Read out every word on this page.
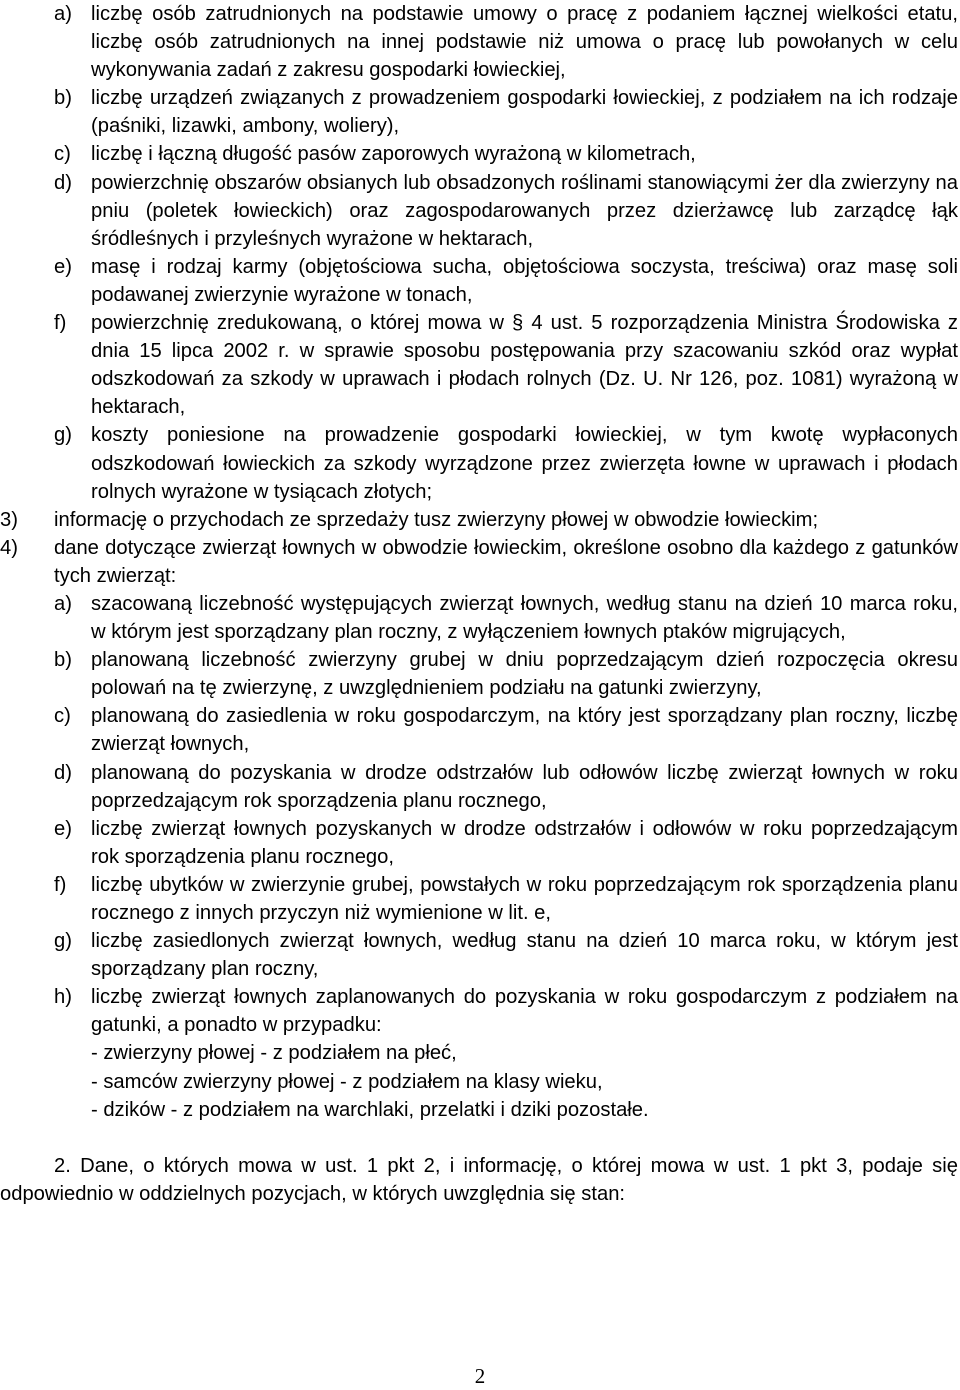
a) liczbę osób zatrudnionych na podstawie umowy o pracę z podaniem łącznej wielkości etatu, liczbę osób zatrudnionych na innej podstawie niż umowa o pracę lub powołanych w celu wykonywania zadań z zakresu gospodarki łowieckiej,
b) liczbę urządzeń związanych z prowadzeniem gospodarki łowieckiej, z podziałem na ich rodzaje (paśniki, lizawki, ambony, woliery),
c) liczbę i łączną długość pasów zaporowych wyrażoną w kilometrach,
d) powierzchnię obszarów obsianych lub obsadzonych roślinami stanowiącymi żer dla zwierzyny na pniu (poletek łowieckich) oraz zagospodarowanych przez dzierżawcę lub zarządcę łąk śródleśnych i przyleśnych wyrażone w hektarach,
e) masę i rodzaj karmy (objętościowa sucha, objętościowa soczysta, treściwa) oraz masę soli podawanej zwierzynie wyrażone w tonach,
f)	powierzchnię zredukowaną, o której mowa w § 4 ust. 5 rozporządzenia Ministra Środowiska z dnia 15 lipca 2002 r. w sprawie sposobu postępowania przy szacowaniu szkód oraz wypłat odszkodowań za szkody w uprawach i płodach rolnych (Dz. U. Nr 126, poz. 1081) wyrażoną w hektarach,
g) koszty poniesione na prowadzenie gospodarki łowieckiej, w tym kwotę wypłaconych odszkodowań łowieckich za szkody wyrządzone przez zwierzęta łowne w uprawach i płodach rolnych wyrażone w tysiącach złotych;
3)	informację o przychodach ze sprzedaży tusz zwierzyny płowej w obwodzie łowieckim;
4)	dane dotyczące zwierząt łownych w obwodzie łowieckim, określone osobno dla każdego z gatunków tych zwierząt:
a) szacowaną liczebność występujących zwierząt łownych, według stanu na dzień 10 marca roku, w którym jest sporządzany plan roczny, z wyłączeniem łownych ptaków migrujących,
b) planowaną liczebność zwierzyny grubej w dniu poprzedzającym dzień rozpoczęcia okresu polowań na tę zwierzynę, z uwzględnieniem podziału na gatunki zwierzyny,
c) planowaną do zasiedlenia w roku gospodarczym, na który jest sporządzany plan roczny, liczbę zwierząt łownych,
d) planowaną do pozyskania w drodze odstrzałów lub odłowów liczbę zwierząt łownych w roku poprzedzającym rok sporządzenia planu rocznego,
e) liczbę zwierząt łownych pozyskanych w drodze odstrzałów i odłowów w roku poprzedzającym rok sporządzenia planu rocznego,
f)	liczbę ubytków w zwierzynie grubej, powstałych w roku poprzedzającym rok sporządzenia planu rocznego z innych przyczyn niż wymienione w lit. e,
g) liczbę zasiedlonych zwierząt łownych, według stanu na dzień 10 marca roku, w którym jest sporządzany plan roczny,
h) liczbę zwierząt łownych zaplanowanych do pozyskania w roku gospodarczym z podziałem na gatunki, a ponadto w przypadku:
- zwierzyny płowej - z podziałem na płeć,
- samców zwierzyny płowej - z podziałem na klasy wieku,
- dzików - z podziałem na warchlaki, przelatki i dziki pozostałe.
2. Dane, o których mowa w ust. 1 pkt 2, i informację, o której mowa w ust. 1 pkt 3, podaje się odpowiednio w oddzielnych pozycjach, w których uwzględnia się stan:
2
